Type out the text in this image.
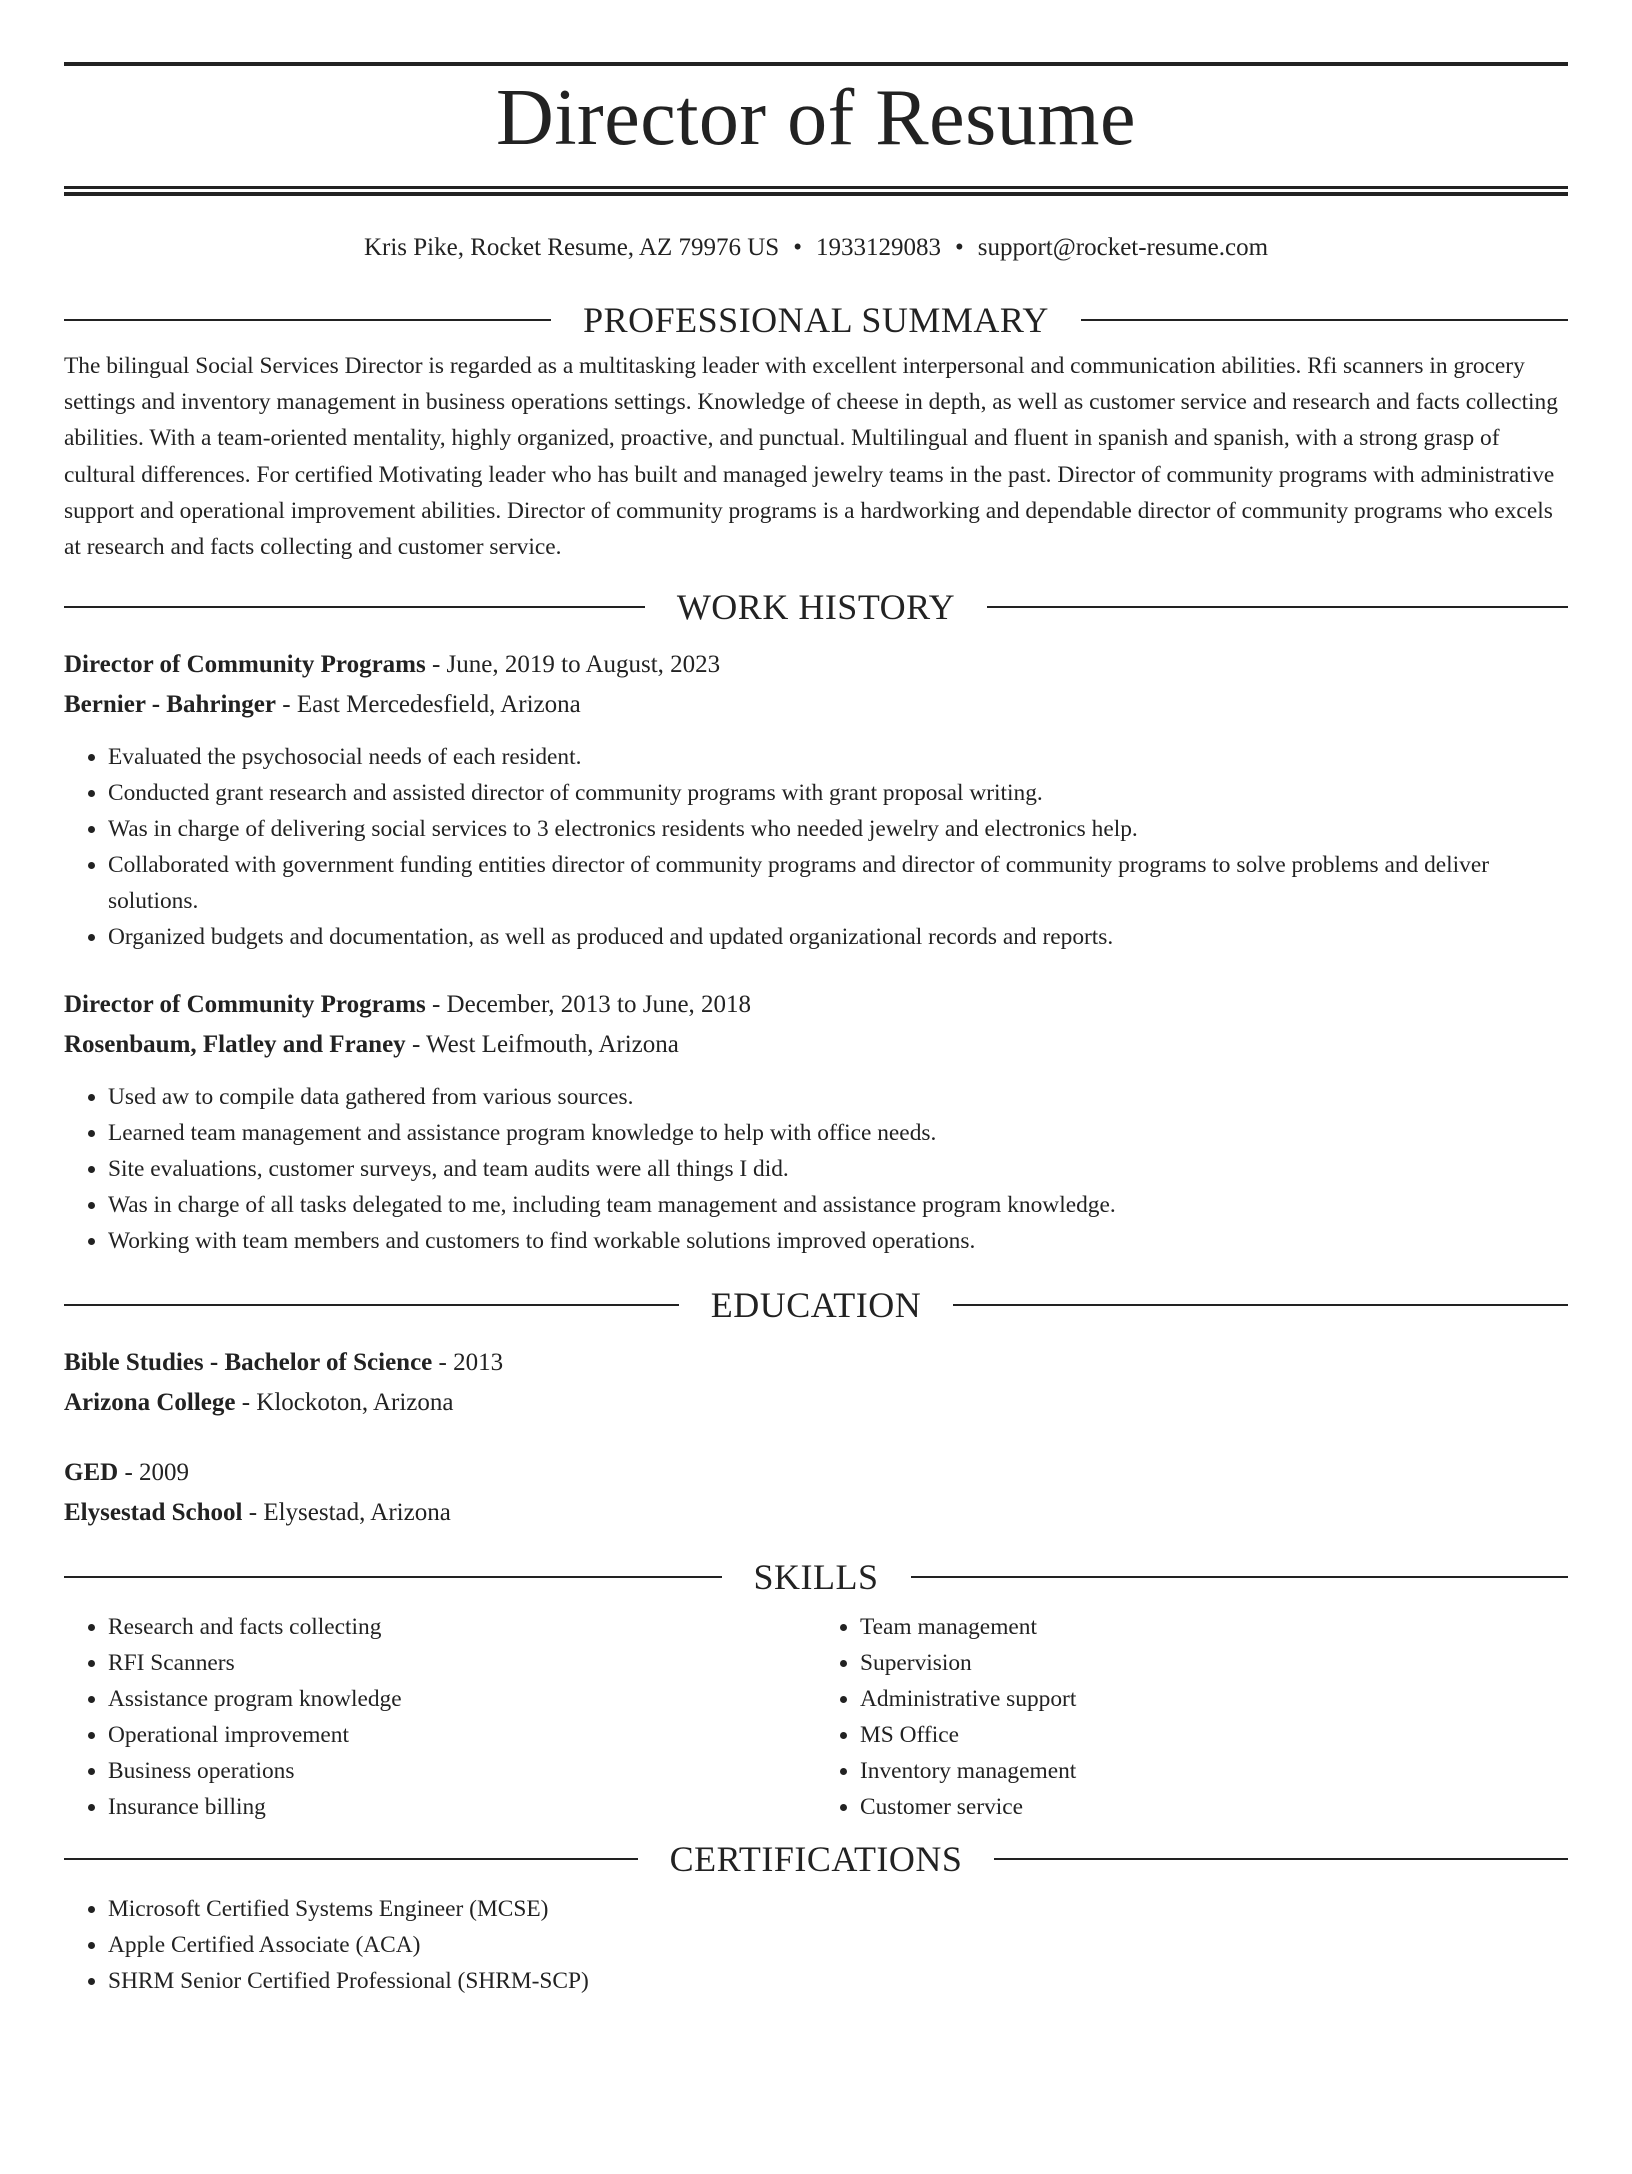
Director of Resume
Kris Pike, Rocket Resume, AZ 79976 US • 1933129083 • support@rocket-resume.com
PROFESSIONAL SUMMARY

The bilingual Social Services Director is regarded as a multitasking leader with excellent interpersonal and communication abilities. Rfi scanners in grocery settings and inventory management in business operations settings. Knowledge of cheese in depth, as well as customer service and research and facts collecting abilities. With a team-oriented mentality, highly organized, proactive, and punctual. Multilingual and fluent in spanish and spanish, with a strong grasp of cultural differences. For certified Motivating leader who has built and managed jewelry teams in the past. Director of community programs with administrative support and operational improvement abilities. Director of community programs is a hardworking and dependable director of community programs who excels at research and facts collecting and customer service.

WORK HISTORY
Director of Community Programs - June, 2019 to August, 2023
Bernier - Bahringer - East Mercedesfield, Arizona
• Evaluated the psychosocial needs of each resident.
• Conducted grant research and assisted director of community programs with grant proposal writing.
• Was in charge of delivering social services to 3 electronics residents who needed jewelry and electronics help.
• Collaborated with government funding entities director of community programs and director of community programs to solve problems and deliver solutions.
• Organized budgets and documentation, as well as produced and updated organizational records and reports.
Director of Community Programs - December, 2013 to June, 2018
Rosenbaum, Flatley and Franey - West Leifmouth, Arizona
• Used aw to compile data gathered from various sources.
• Learned team management and assistance program knowledge to help with office needs.
• Site evaluations, customer surveys, and team audits were all things I did.
• Was in charge of all tasks delegated to me, including team management and assistance program knowledge.
• Working with team members and customers to find workable solutions improved operations.
EDUCATION
Bible Studies - Bachelor of Science - 2013
Arizona College - Klockoton, Arizona
GED - 2009
Elysestad School - Elysestad, Arizona
SKILLS
• Research and facts collecting
• RFI Scanners
• Assistance program knowledge
• Operational improvement
• Business operations
• Insurance billing
• Team management
• Supervision
• Administrative support
• MS Office
• Inventory management
• Customer service
CERTIFICATIONS
• Microsoft Certified Systems Engineer (MCSE)
• Apple Certified Associate (ACA)
• SHRM Senior Certified Professional (SHRM-SCP)
